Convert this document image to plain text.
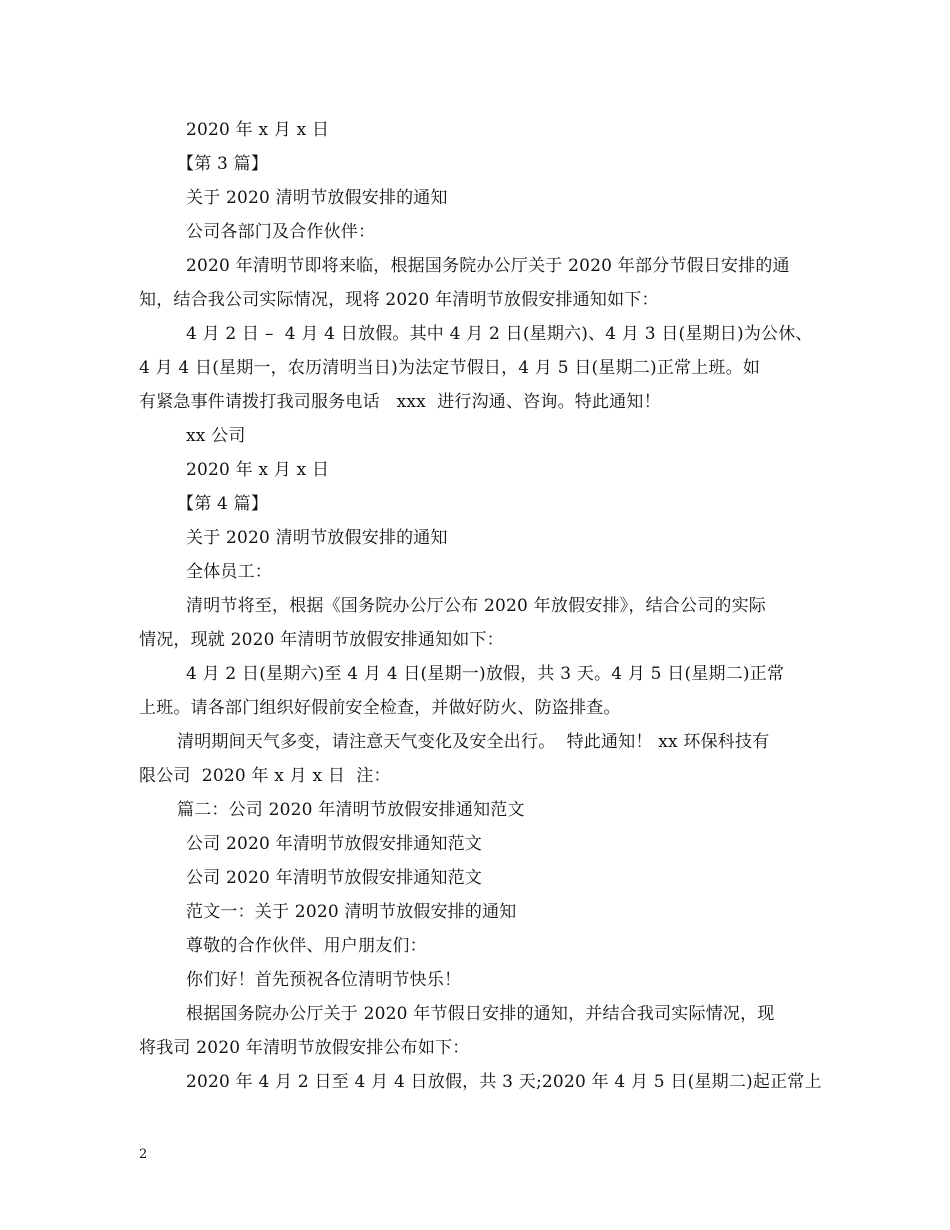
2020 年 x 月 x 日
【第 3 篇】
关于 2020 清明节放假安排的通知
公司各部门及合作伙伴：
2020 年清明节即将来临，根据国务院办公厅关于 2020 年部分节假日安排的通
知，结合我公司实际情况，现将 2020 年清明节放假安排通知如下：
4 月 2 日 –  4 月 4 日放假。其中 4 月 2 日(星期六)、4 月 3 日(星期日)为公休、
4 月 4 日(星期一，农历清明当日)为法定节假日，4 月 5 日(星期二)正常上班。如
有紧急事件请拨打我司服务电话   xxx  进行沟通、咨询。特此通知！
xx 公司
2020 年 x 月 x 日
【第 4 篇】
关于 2020 清明节放假安排的通知
全体员工：
清明节将至，根据《国务院办公厅公布 2020 年放假安排》，结合公司的实际
情况，现就 2020 年清明节放假安排通知如下：
4 月 2 日(星期六)至 4 月 4 日(星期一)放假，共 3 天。4 月 5 日(星期二)正常
上班。请各部门组织好假前安全检查，并做好防火、防盗排查。
清明期间天气多变，请注意天气变化及安全出行。  特此通知！ xx 环保科技有
限公司  2020 年 x 月 x 日  注：
篇二：公司 2020 年清明节放假安排通知范文
公司 2020 年清明节放假安排通知范文
公司 2020 年清明节放假安排通知范文
范文一：关于 2020 清明节放假安排的通知
尊敬的合作伙伴、用户朋友们：
你们好！首先预祝各位清明节快乐！
根据国务院办公厅关于 2020 年节假日安排的通知，并结合我司实际情况，现
将我司 2020 年清明节放假安排公布如下：
2020 年 4 月 2 日至 4 月 4 日放假，共 3 天;2020 年 4 月 5 日(星期二)起正常上
2
